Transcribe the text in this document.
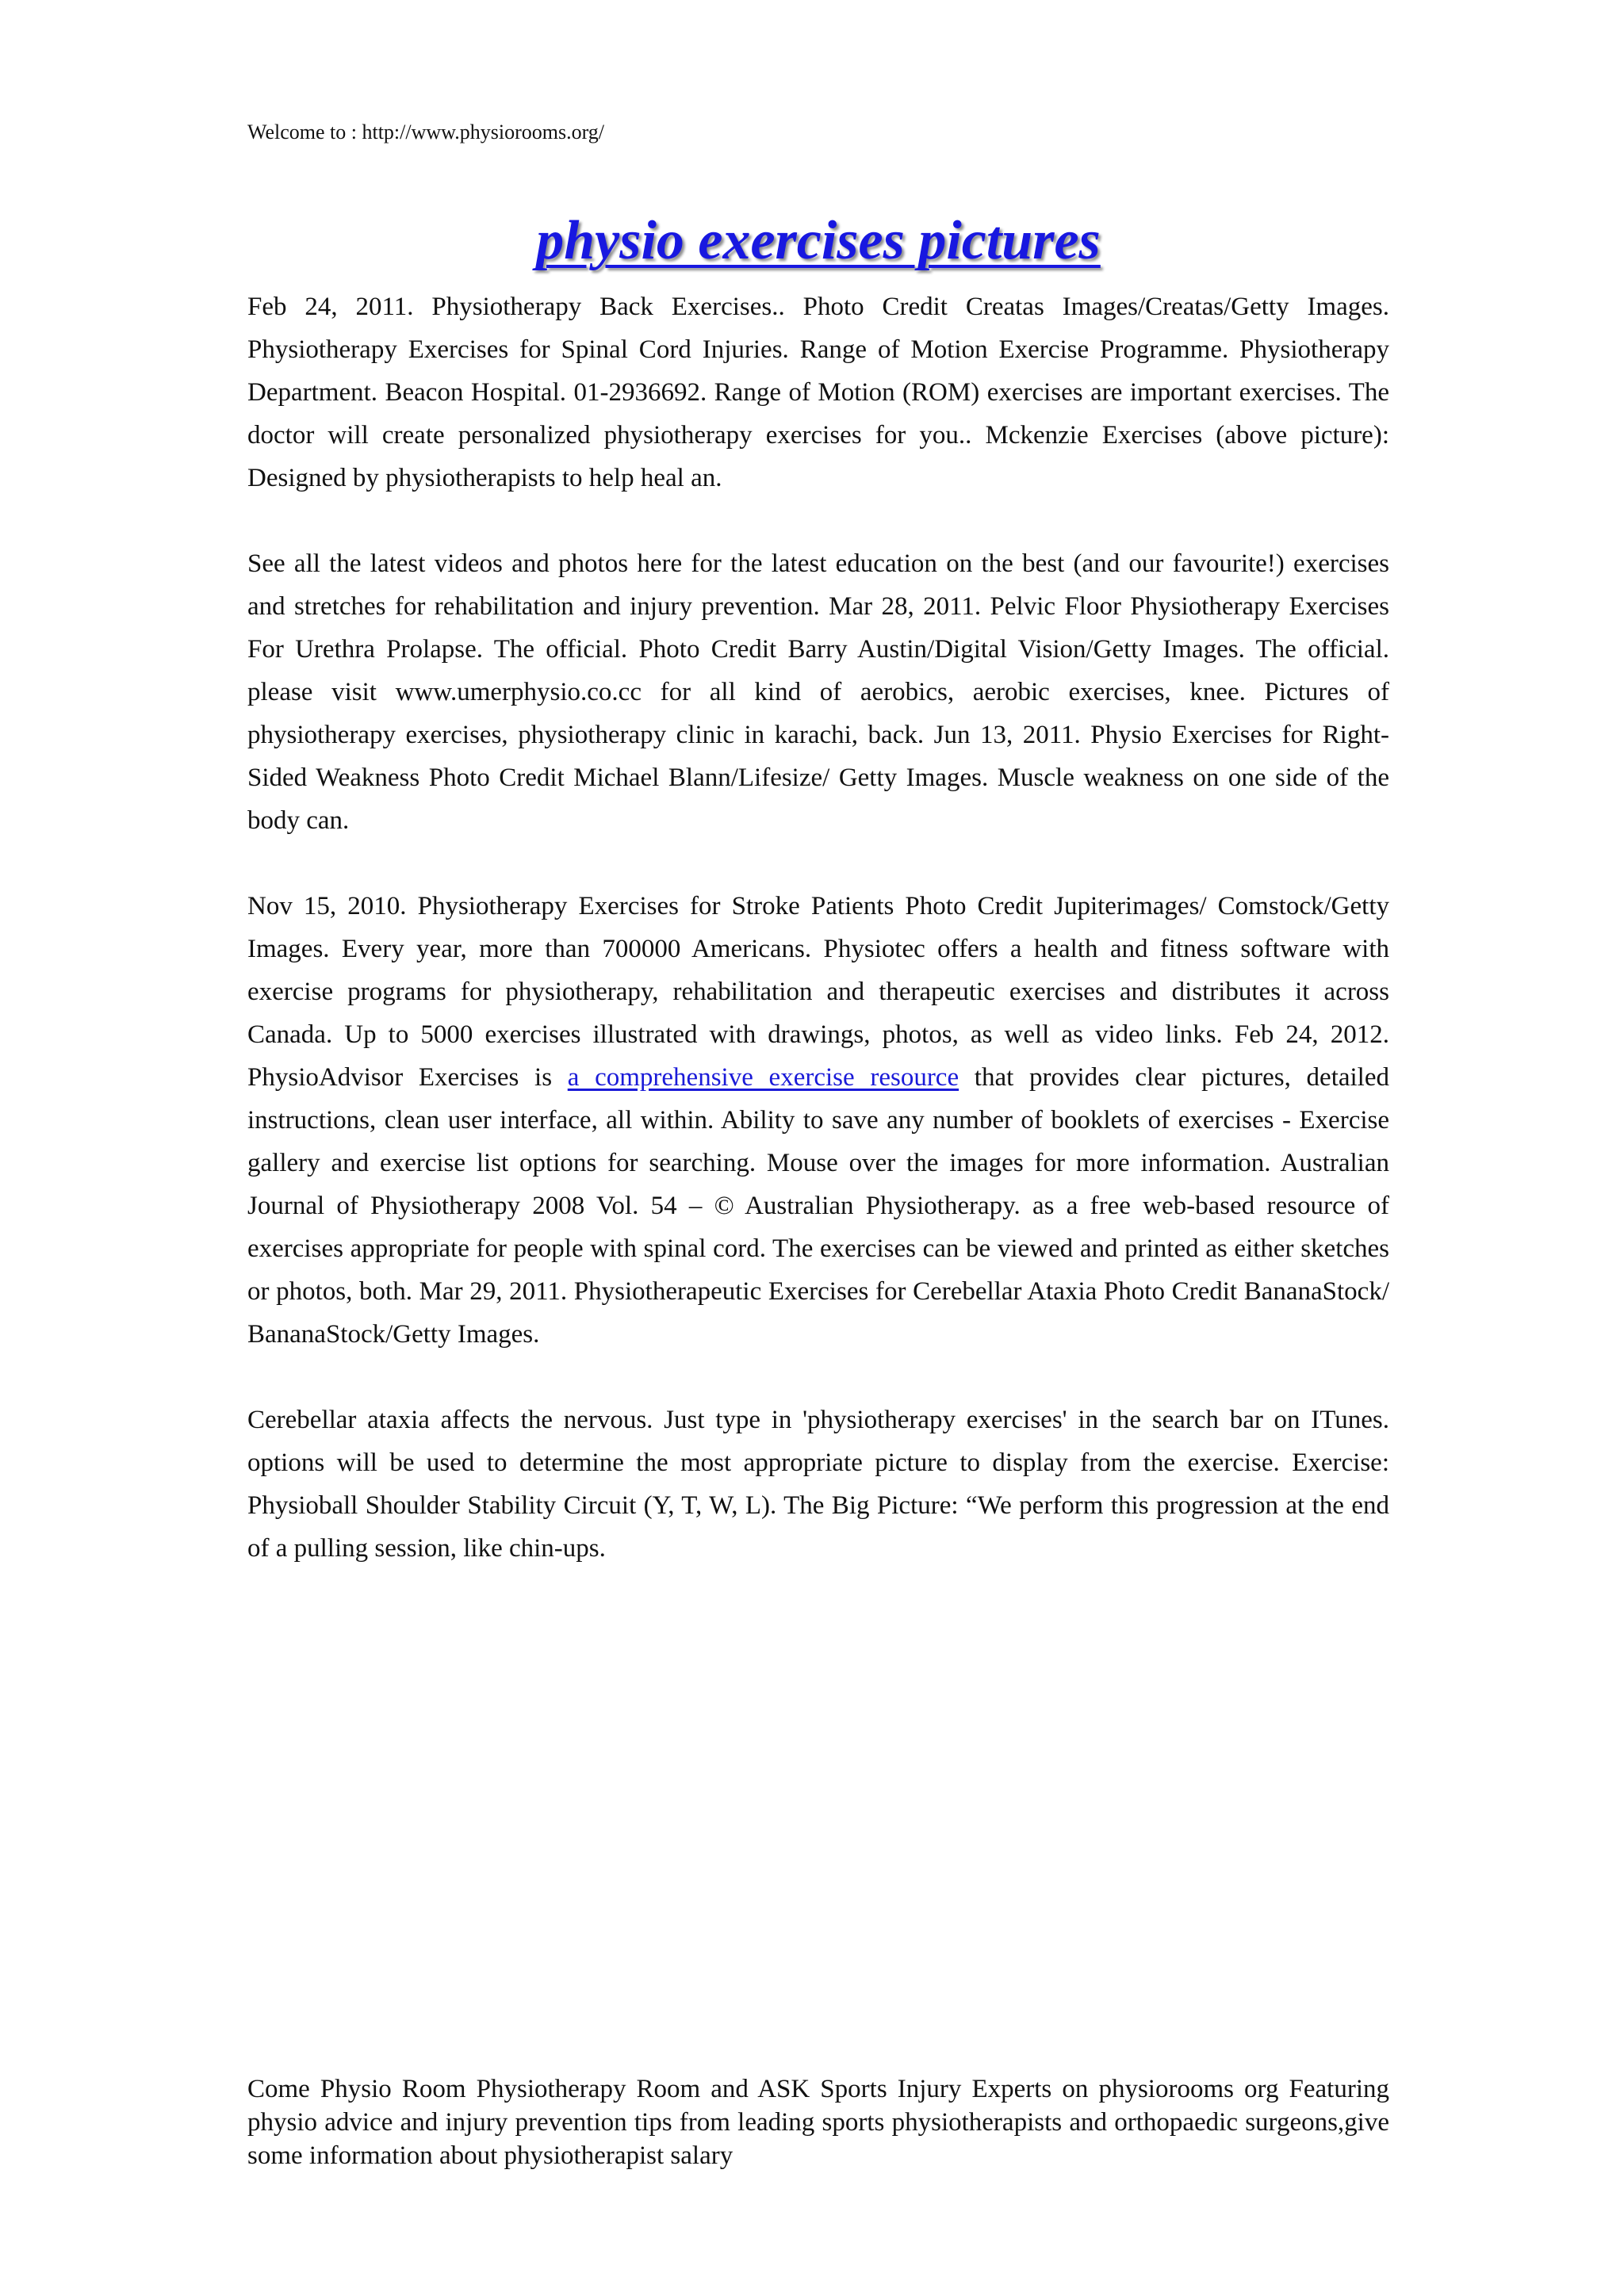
Welcome to : http://www.physiorooms.org/
physio exercises pictures

Feb 24, 2011. Physiotherapy Back Exercises.. Photo Credit Creatas Images/Creatas/Getty Images. Physiotherapy Exercises for Spinal Cord Injuries. Range of Motion Exercise Programme. Physiotherapy Department. Beacon Hospital. 01-2936692. Range of Motion (ROM) exercises are important exercises. The doctor will create personalized physiotherapy exercises for you.. Mckenzie Exercises (above picture): Designed by physiotherapists to help heal an.

See all the latest videos and photos here for the latest education on the best (and our favourite!) exercises and stretches for rehabilitation and injury prevention. Mar 28, 2011. Pelvic Floor Physiotherapy Exercises For Urethra Prolapse. The official. Photo Credit Barry Austin/Digital Vision/Getty Images. The official. please visit www.umerphysio.co.cc for all kind of aerobics, aerobic exercises, knee. Pictures of physiotherapy exercises, physiotherapy clinic in karachi, back. Jun 13, 2011. Physio Exercises for Right-Sided Weakness Photo Credit Michael Blann/Lifesize/ Getty Images. Muscle weakness on one side of the body can.

Nov 15, 2010. Physiotherapy Exercises for Stroke Patients Photo Credit Jupiterimages/ Comstock/Getty Images. Every year, more than 700000 Americans. Physiotec offers a health and fitness software with exercise programs for physiotherapy, rehabilitation and therapeutic exercises and distributes it across Canada. Up to 5000 exercises illustrated with drawings, photos, as well as video links. Feb 24, 2012. PhysioAdvisor Exercises is a comprehensive exercise resource that provides clear pictures, detailed instructions, clean user interface, all within. Ability to save any number of booklets of exercises - Exercise gallery and exercise list options for searching. Mouse over the images for more information. Australian Journal of Physiotherapy 2008 Vol. 54 – © Australian Physiotherapy. as a free web-based resource of exercises appropriate for people with spinal cord. The exercises can be viewed and printed as either sketches or photos, both. Mar 29, 2011. Physiotherapeutic Exercises for Cerebellar Ataxia Photo Credit BananaStock/ BananaStock/Getty Images.

Cerebellar ataxia affects the nervous. Just type in 'physiotherapy exercises' in the search bar on ITunes. options will be used to determine the most appropriate picture to display from the exercise. Exercise: Physioball Shoulder Stability Circuit (Y, T, W, L). The Big Picture: “We perform this progression at the end of a pulling session, like chin-ups.

Come Physio Room Physiotherapy Room and ASK Sports Injury Experts on physiorooms org Featuring physio advice and injury prevention tips from leading sports physiotherapists and orthopaedic surgeons,give some information about physiotherapist salary
